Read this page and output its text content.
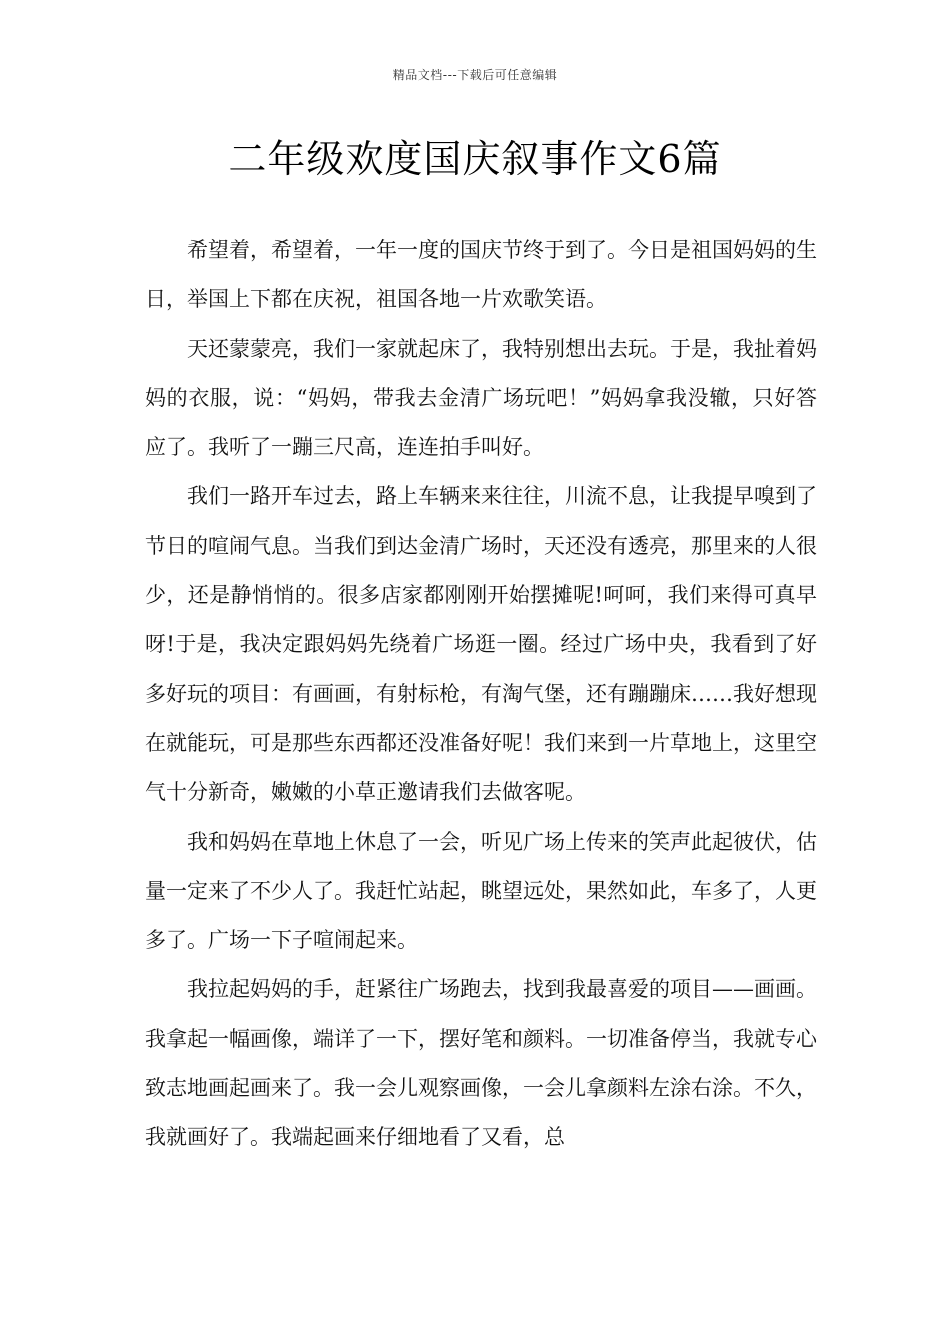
精品文档---下载后可任意编辑
二年级欢度国庆叙事作文6篇

希望着，希望着，一年一度的国庆节终于到了。今日是祖国妈妈的生日，举国上下都在庆祝，祖国各地一片欢歌笑语。

天还蒙蒙亮，我们一家就起床了，我特别想出去玩。于是，我扯着妈妈的衣服，说：“妈妈，带我去金清广场玩吧！”妈妈拿我没辙，只好答应了。我听了一蹦三尺高，连连拍手叫好。

我们一路开车过去，路上车辆来来往往，川流不息，让我提早嗅到了节日的喧闹气息。当我们到达金清广场时，天还没有透亮，那里来的人很少，还是静悄悄的。很多店家都刚刚开始摆摊呢!呵呵，我们来得可真早呀!于是，我决定跟妈妈先绕着广场逛一圈。经过广场中央，我看到了好多好玩的项目：有画画，有射标枪，有淘气堡，还有蹦蹦床……我好想现在就能玩，可是那些东西都还没准备好呢！我们来到一片草地上，这里空气十分新奇，嫩嫩的小草正邀请我们去做客呢。

我和妈妈在草地上休息了一会，听见广场上传来的笑声此起彼伏，估量一定来了不少人了。我赶忙站起，眺望远处，果然如此，车多了，人更多了。广场一下子喧闹起来。

我拉起妈妈的手，赶紧往广场跑去，找到我最喜爱的项目——画画。我拿起一幅画像，端详了一下，摆好笔和颜料。一切准备停当，我就专心致志地画起画来了。我一会儿观察画像，一会儿拿颜料左涂右涂。不久，我就画好了。我端起画来仔细地看了又看，总
